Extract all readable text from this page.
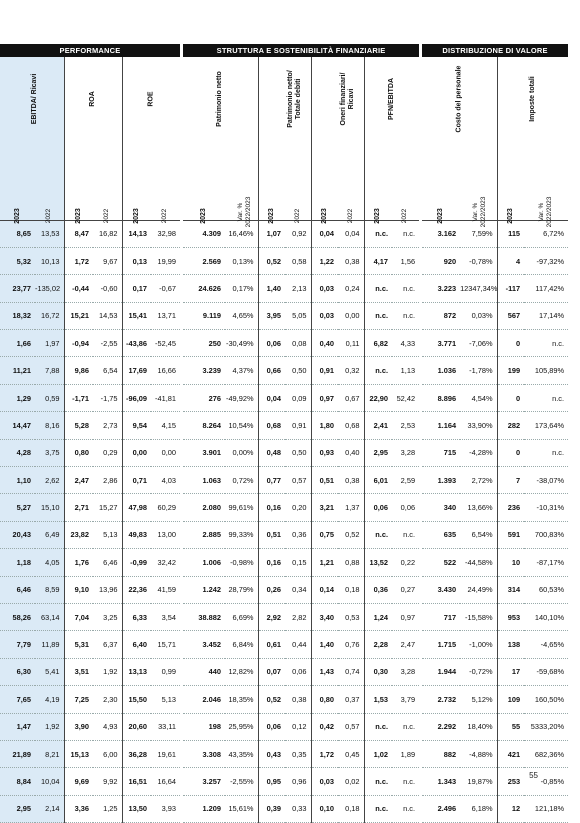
PERFORMANCE							STRUTTURA E SOSTENIBILITÀ FINANZIARIE									DISTRIBUZIONE DI VALORE			
EBITDA/ Ricavi		ROA		ROE			Patrimonio netto		Patrimonio netto/ Totale debiti		Oneri finanziari/ Ricavi		PFN/EBITDA			Costo del personale		Imposte totali	
2023	2022	2023	2022	2023	2022		2023	Var. % 2022/2023	2023	2022	2023	2022	2023	2022		2023	Var. % 2022/2023	2023	Var. % 2022/2023
8,65	13,53	8,47	16,82	14,13	32,98		4.309	16,46%	1,07	0,92	0,04	0,04	n.c.	n.c.		3.162	7,59%	115	6,72%
5,32	10,13	1,72	9,67	0,13	19,99		2.569	0,13%	0,52	0,58	1,22	0,38	4,17	1,56		920	-0,78%	4	-97,32%
23,77	-135,02	-0,44	-0,60	0,17	-0,67		24.626	0,17%	1,40	2,13	0,03	0,24	n.c.	n.c.		3.223	12347,34%	-117	117,42%
18,32	16,72	15,21	14,53	15,41	13,71		9.119	4,65%	3,95	5,05	0,03	0,00	n.c.	n.c.		872	0,03%	567	17,14%
1,66	1,97	-0,94	-2,55	-43,86	-52,45		250	-30,49%	0,06	0,08	0,40	0,11	6,82	4,33		3.771	-7,06%	0	n.c.
11,21	7,88	9,86	6,54	17,69	16,66		3.239	4,37%	0,66	0,50	0,91	0,32	n.c.	1,13		1.036	-1,78%	199	105,89%
1,29	0,59	-1,71	-1,75	-96,09	-41,81		276	-49,92%	0,04	0,09	0,97	0,67	22,90	52,42		8.896	4,54%	0	n.c.
14,47	8,16	5,28	2,73	9,54	4,15		8.264	10,54%	0,68	0,91	1,80	0,68	2,41	2,53		1.164	33,90%	282	173,64%
4,28	3,75	0,80	0,29	0,00	0,00		3.901	0,00%	0,48	0,50	0,93	0,40	2,95	3,28		715	-4,28%	0	n.c.
1,10	2,62	2,47	2,86	0,71	4,03		1.063	0,72%	0,77	0,57	0,51	0,38	6,01	2,59		1.393	2,72%	7	-38,07%
5,27	15,10	2,71	15,27	47,98	60,29		2.080	99,61%	0,16	0,20	3,21	1,37	0,06	0,06		340	13,66%	236	-10,31%
20,43	6,49	23,82	5,13	49,83	13,00		2.885	99,33%	0,51	0,36	0,75	0,52	n.c.	n.c.		635	6,54%	591	700,83%
1,18	4,05	1,76	6,46	-0,99	32,42		1.006	-0,98%	0,16	0,15	1,21	0,88	13,52	0,22		522	-44,58%	10	-87,17%
6,46	8,59	9,10	13,96	22,36	41,59		1.242	28,79%	0,26	0,34	0,14	0,18	0,36	0,27		3.430	24,49%	314	60,53%
58,26	63,14	7,04	3,25	6,33	3,54		38.882	6,69%	2,92	2,82	3,40	0,53	1,24	0,97		717	-15,58%	953	140,10%
7,79	11,89	5,31	6,37	6,40	15,71		3.452	6,84%	0,61	0,44	1,40	0,76	2,28	2,47		1.715	-1,00%	138	-4,65%
6,30	5,41	3,51	1,92	13,13	0,99		440	12,82%	0,07	0,06	1,43	0,74	0,30	3,28		1.944	-0,72%	17	-59,68%
7,65	4,19	7,25	2,30	15,50	5,13		2.046	18,35%	0,52	0,38	0,80	0,37	1,53	3,79		2.732	5,12%	109	160,50%
1,47	1,92	3,90	4,93	20,60	33,11		198	25,95%	0,06	0,12	0,42	0,57	n.c.	n.c.		2.292	18,40%	55	5333,20%
21,89	8,21	15,13	6,00	36,28	19,61		3.308	43,35%	0,43	0,35	1,72	0,45	1,02	1,89		882	-4,88%	421	682,36%
8,84	10,04	9,69	9,92	16,51	16,64		3.257	-2,55%	0,95	0,96	0,03	0,02	n.c.	n.c.		1.343	19,87%	253	-0,85%
2,95	2,14	3,36	1,25	13,50	3,93		1.209	15,61%	0,39	0,33	0,10	0,18	n.c.	n.c.		2.496	6,18%	12	121,18%
55
